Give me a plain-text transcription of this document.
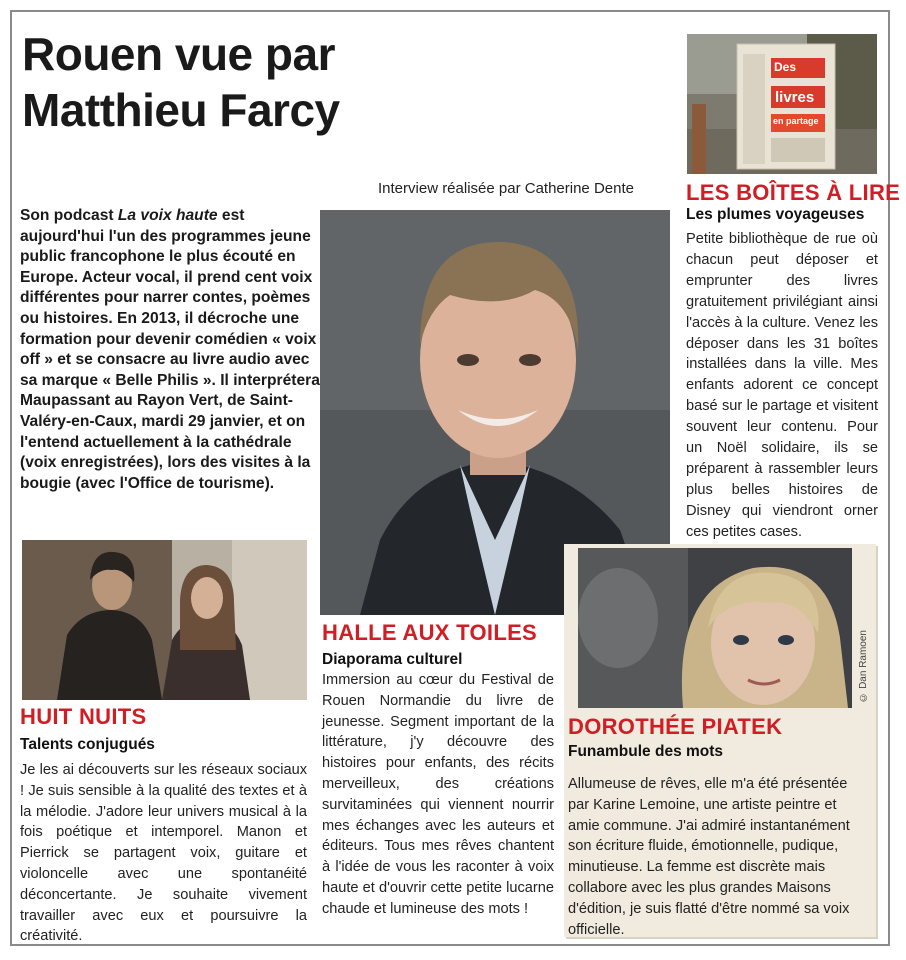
Rouen vue par
Matthieu Farcy
Interview réalisée par Catherine Dente
Son podcast La voix haute est aujourd'hui l'un des programmes jeune public francophone le plus écouté en Europe. Acteur vocal, il prend cent voix différentes pour narrer contes, poèmes ou histoires. En 2013, il décroche une formation pour devenir comédien « voix off » et se consacre au livre audio avec sa marque « Belle Philis ». Il interprétera Maupassant au Rayon Vert, de Saint-Valéry-en-Caux, mardi 29 janvier, et on l'entend actuellement à la cathédrale (voix enregistrées), lors des visites à la bougie (avec l'Office de tourisme).
Des
livres
en partage
LES BOÎTES À LIRE
Les plumes voyageuses
Petite bibliothèque de rue où chacun peut déposer et emprunter des livres gratuitement privilégiant ainsi l'accès à la culture. Venez les déposer dans les 31 boîtes installées dans la ville. Mes enfants adorent ce concept basé sur le partage et visitent souvent leur contenu. Pour un Noël solidaire, ils se préparent à rassembler leurs plus belles histoires de Disney qui viendront orner ces petites cases.
HALLE AUX TOILES
Diaporama culturel
Immersion au cœur du Festival de Rouen Normandie du livre de jeunesse. Segment important de la littérature, j'y découvre des histoires pour enfants, des récits merveilleux, des créations survitaminées qui viennent nourrir mes échanges avec les auteurs et éditeurs. Tous mes rêves chantent à l'idée de vous les raconter à voix haute et d'ouvrir cette petite lucarne chaude et lumineuse des mots !
HUIT NUITS
Talents conjugués
Je les ai découverts sur les réseaux sociaux ! Je suis sensible à la qualité des textes et à la mélodie. J'adore leur univers musical à la fois poétique et intemporel. Manon et Pierrick se partagent voix, guitare et violoncelle avec une spontanéité déconcertante. Je souhaite vivement travailler avec eux et poursuivre la créativité.
© Dan Ramoen
DOROTHÉE PIATEK
Funambule des mots
Allumeuse de rêves, elle m'a été présentée par Karine Lemoine, une artiste peintre et amie commune. J'ai admiré instantanément son écriture fluide, émotionnelle, pudique, minutieuse. La femme est discrète mais collabore avec les plus grandes Maisons d'édition, je suis flatté d'être nommé sa voix officielle.
